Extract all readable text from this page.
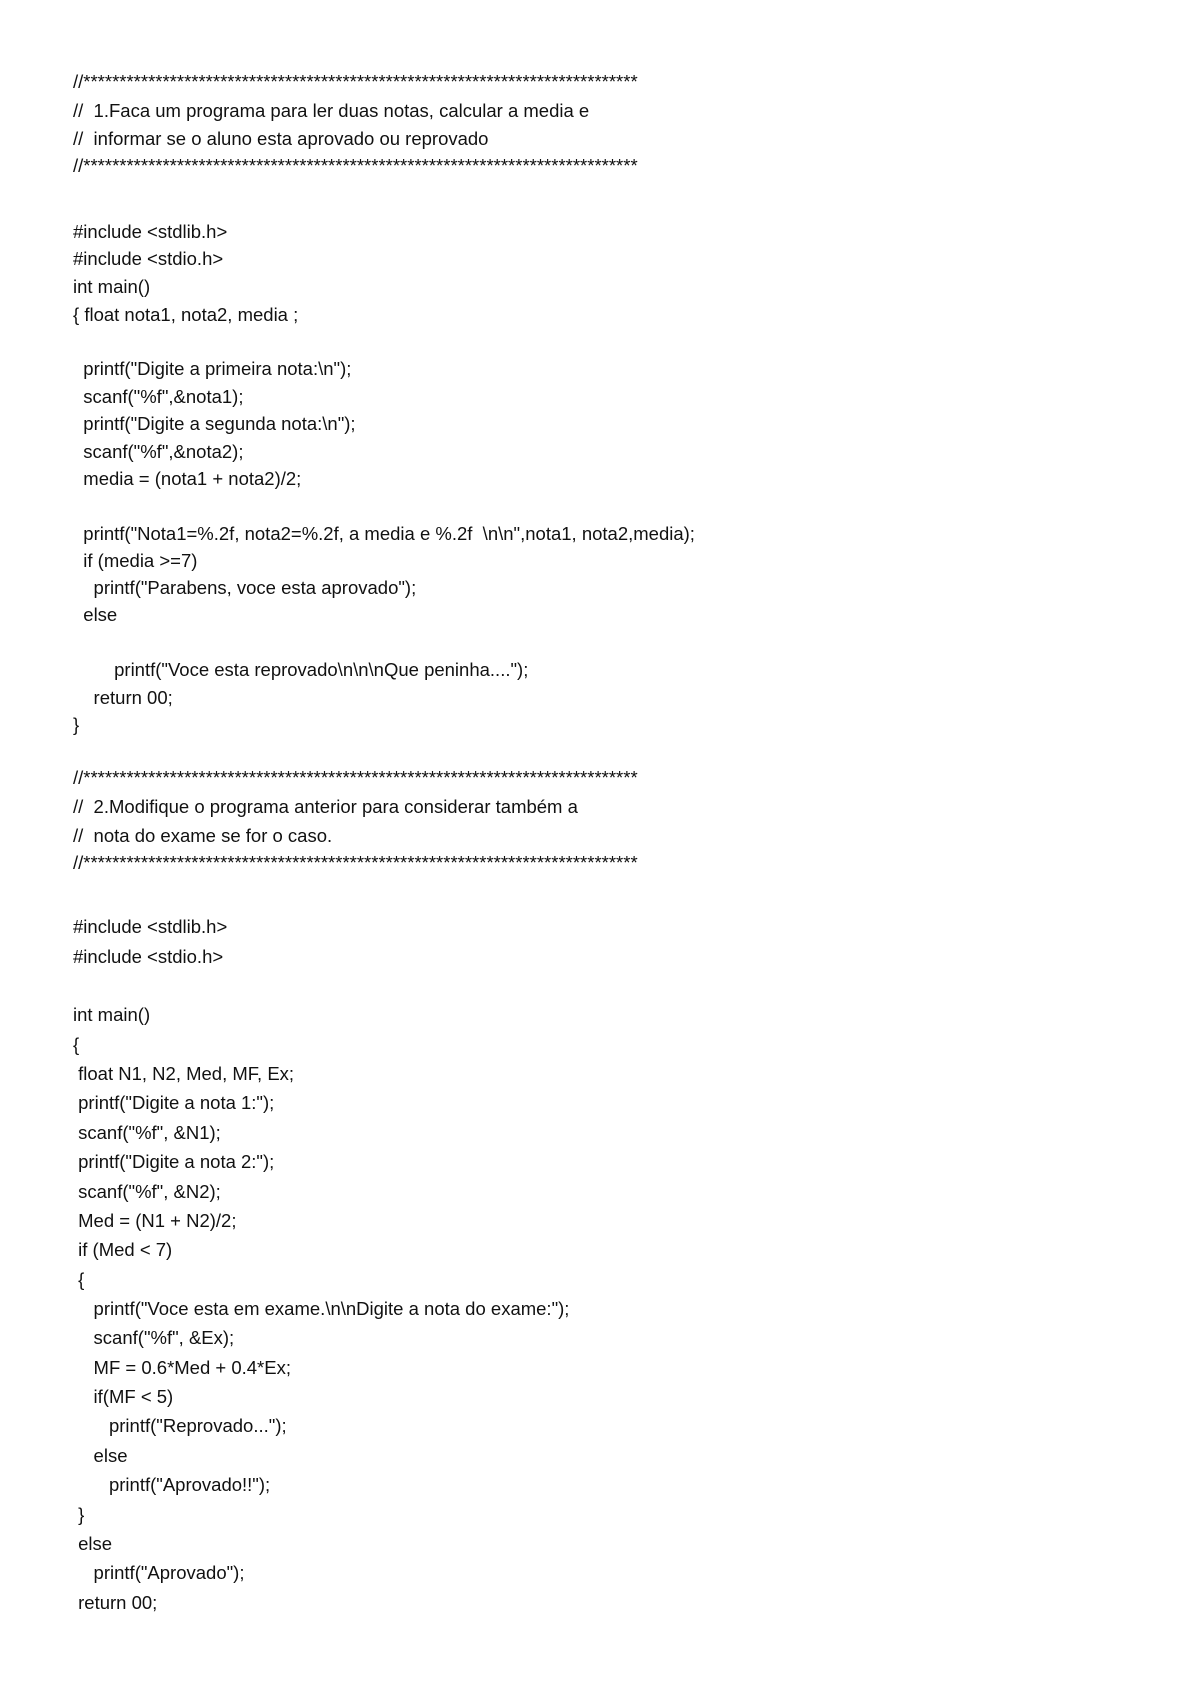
//*****************************************************************************
//  1.Faca um programa para ler duas notas, calcular a media e
//  informar se o aluno esta aprovado ou reprovado
//*****************************************************************************
#include <stdlib.h>
#include <stdio.h>
int main()
{ float nota1, nota2, media ;
printf("Digite a primeira nota:\n");
scanf("%f",&nota1);
printf("Digite a segunda nota:\n");
scanf("%f",&nota2);
media = (nota1 + nota2)/2;
printf("Nota1=%.2f, nota2=%.2f, a media e %.2f  \n\n",nota1, nota2,media);
if (media >=7)
printf("Parabens, voce esta aprovado");
else
printf("Voce esta reprovado\n\n\nQue peninha....");
return 00;
}
//*****************************************************************************
//  2.Modifique o programa anterior para considerar também a
//  nota do exame se for o caso.
//*****************************************************************************
#include <stdlib.h>
#include <stdio.h>
int main()
{
float N1, N2, Med, MF, Ex;
printf("Digite a nota 1:");
scanf("%f", &N1);
printf("Digite a nota 2:");
scanf("%f", &N2);
Med = (N1 + N2)/2;
if (Med < 7)
{
printf("Voce esta em exame.\n\nDigite a nota do exame:");
scanf("%f", &Ex);
MF = 0.6*Med + 0.4*Ex;
if(MF < 5)
printf("Reprovado...");
else
printf("Aprovado!!");
}
else
printf("Aprovado");
return 00;
